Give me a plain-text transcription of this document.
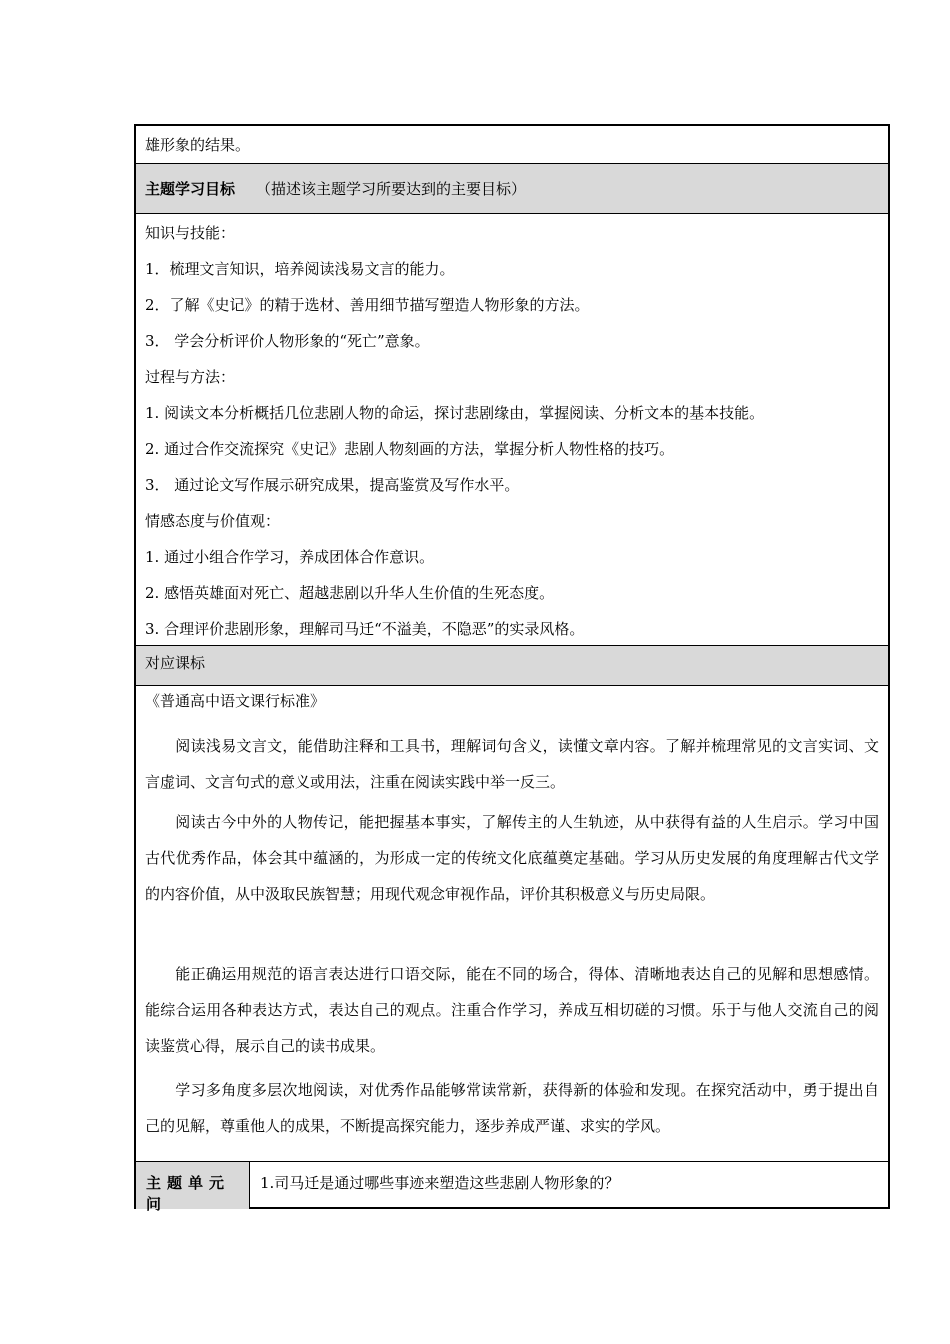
雄形象的结果。
主题学习目标 （描述该主题学习所要达到的主要目标）
知识与技能：
1．梳理文言知识，培养阅读浅易文言的能力。
2．了解《史记》的精于选材、善用细节描写塑造人物形象的方法。
3． 学会分析评价人物形象的“死亡”意象。
过程与方法：
1. 阅读文本分析概括几位悲剧人物的命运，探讨悲剧缘由，掌握阅读、分析文本的基本技能。
2. 通过合作交流探究《史记》悲剧人物刻画的方法，掌握分析人物性格的技巧。
3． 通过论文写作展示研究成果，提高鉴赏及写作水平。
情感态度与价值观：
1. 通过小组合作学习，养成团体合作意识。
2. 感悟英雄面对死亡、超越悲剧以升华人生价值的生死态度。
3. 合理评价悲剧形象，理解司马迁“不溢美，不隐恶”的实录风格。
对应课标
《普通高中语文课行标准》
阅读浅易文言文，能借助注释和工具书，理解词句含义，读懂文章内容。了解并梳理常见的文言实词、文言虚词、文言句式的意义或用法，注重在阅读实践中举一反三。
阅读古今中外的人物传记，能把握基本事实，了解传主的人生轨迹，从中获得有益的人生启示。学习中国古代优秀作品，体会其中蕴涵的，为形成一定的传统文化底蕴奠定基础。学习从历史发展的角度理解古代文学的内容价值，从中汲取民族智慧；用现代观念审视作品，评价其积极意义与历史局限。
能正确运用规范的语言表达进行口语交际，能在不同的场合，得体、清晰地表达自己的见解和思想感情。能综合运用各种表达方式，表达自己的观点。注重合作学习，养成互相切磋的习惯。乐于与他人交流自己的阅读鉴赏心得，展示自己的读书成果。
学习多角度多层次地阅读，对优秀作品能够常读常新，获得新的体验和发现。在探究活动中，勇于提出自己的见解，尊重他人的成果，不断提高探究能力，逐步养成严谨、求实的学风。
主题单元问
1.司马迁是通过哪些事迹来塑造这些悲剧人物形象的？
